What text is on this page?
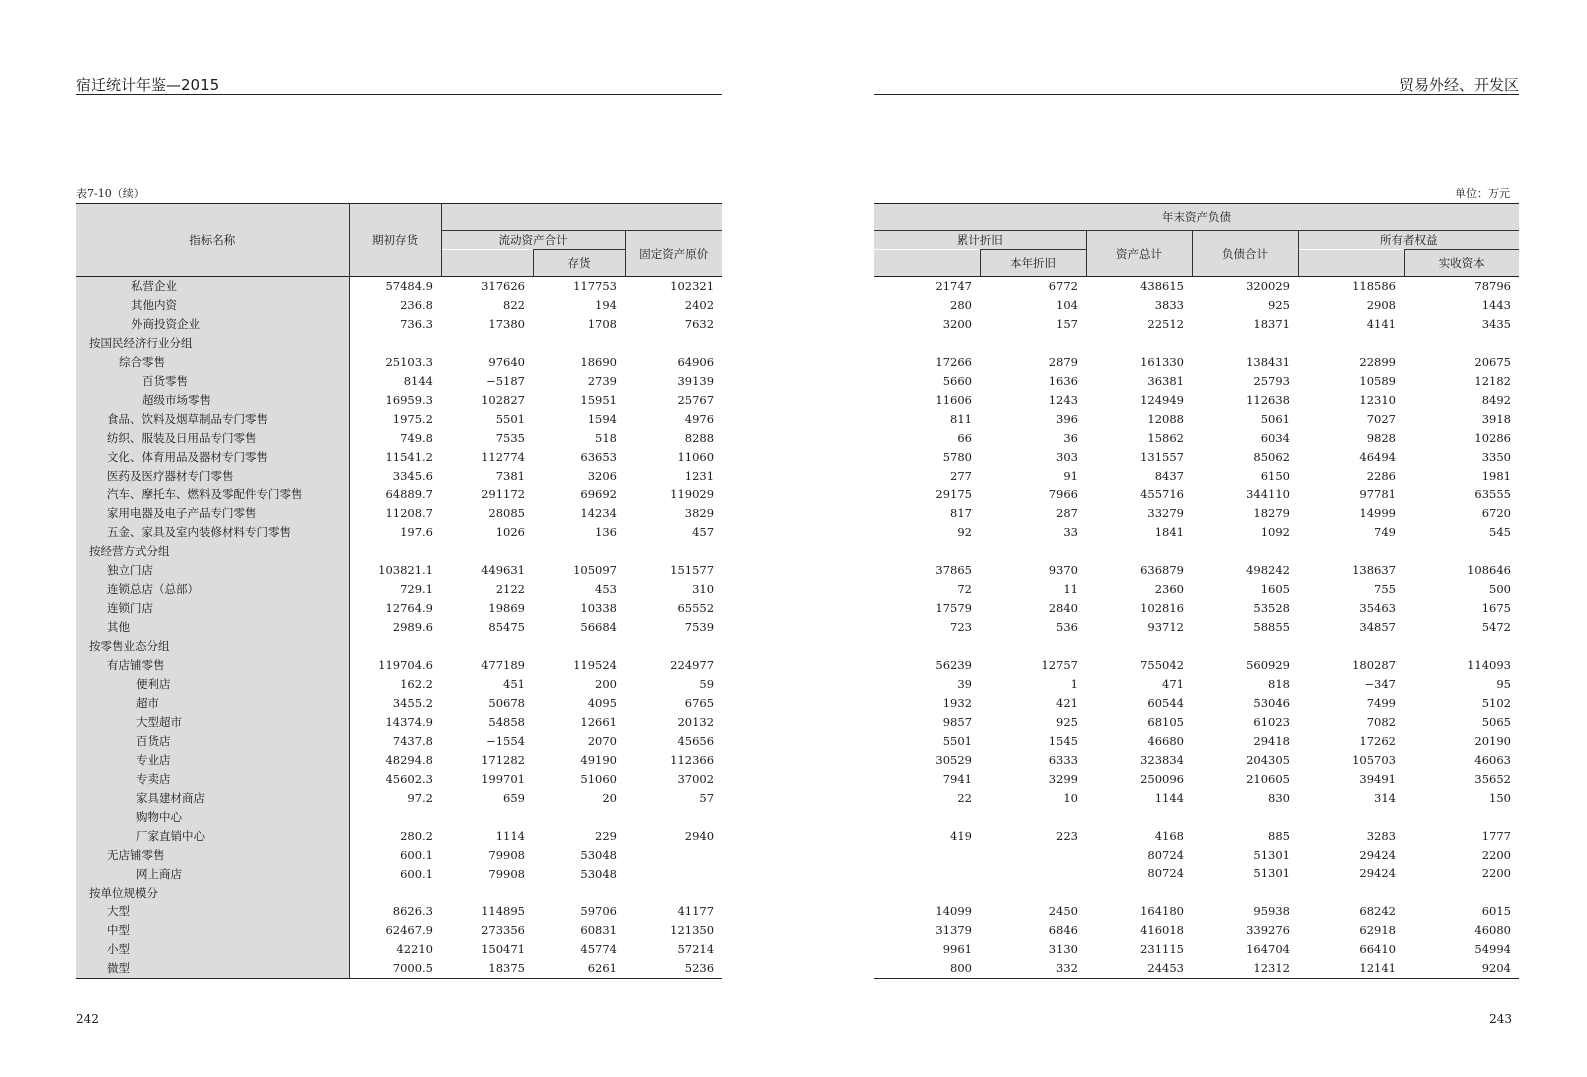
宿迁统计年鉴—2015	贸易外经、开发区
表7-10（续）	单位：万元
指标名称	期初存货			
		流动资产合计		固定资产原价
			存货	
私营企业	57484.9	317626	117753	102321
其他内资	236.8	822	194	2402
外商投资企业	736.3	17380	1708	7632
按国民经济行业分组				
综合零售	25103.3	97640	18690	64906
百货零售	8144	−5187	2739	39139
超级市场零售	16959.3	102827	15951	25767
食品、饮料及烟草制品专门零售	1975.2	5501	1594	4976
纺织、服装及日用品专门零售	749.8	7535	518	8288
文化、体育用品及器材专门零售	11541.2	112774	63653	11060
医药及医疗器材专门零售	3345.6	7381	3206	1231
汽车、摩托车、燃料及零配件专门零售	64889.7	291172	69692	119029
家用电器及电子产品专门零售	11208.7	28085	14234	3829
五金、家具及室内装修材料专门零售	197.6	1026	136	457
按经营方式分组				
独立门店	103821.1	449631	105097	151577
连锁总店（总部）	729.1	2122	453	310
连锁门店	12764.9	19869	10338	65552
其他	2989.6	85475	56684	7539
按零售业态分组				
有店铺零售	119704.6	477189	119524	224977
便利店	162.2	451	200	59
超市	3455.2	50678	4095	6765
大型超市	14374.9	54858	12661	20132
百货店	7437.8	−1554	2070	45656
专业店	48294.8	171282	49190	112366
专卖店	45602.3	199701	51060	37002
家具建材商店	97.2	659	20	57
购物中心				
厂家直销中心	280.2	1114	229	2940
无店铺零售	600.1	79908	53048	
网上商店	600.1	79908	53048	
按单位规模分				
大型	8626.3	114895	59706	41177
中型	62467.9	273356	60831	121350
小型	42210	150471	45774	57214
微型	7000.5	18375	6261	5236
年末资产负债					
累计折旧		资产总计	负债合计	所有者权益	
	本年折旧				实收资本
21747	6772	438615	320029	118586	78796
280	104	3833	925	2908	1443
3200	157	22512	18371	4141	3435

17266	2879	161330	138431	22899	20675
5660	1636	36381	25793	10589	12182
11606	1243	124949	112638	12310	8492
811	396	12088	5061	7027	3918
66	36	15862	6034	9828	10286
5780	303	131557	85062	46494	3350
277	91	8437	6150	2286	1981
29175	7966	455716	344110	97781	63555
817	287	33279	18279	14999	6720
92	33	1841	1092	749	545

37865	9370	636879	498242	138637	108646
72	11	2360	1605	755	500
17579	2840	102816	53528	35463	1675
723	536	93712	58855	34857	5472

56239	12757	755042	560929	180287	114093
39	1	471	818	−347	95
1932	421	60544	53046	7499	5102
9857	925	68105	61023	7082	5065
5501	1545	46680	29418	17262	20190
30529	6333	323834	204305	105703	46063
7941	3299	250096	210605	39491	35652
22	10	1144	830	314	150

419	223	4168	885	3283	1777
		80724	51301	29424	2200
		80724	51301	29424	2200

14099	2450	164180	95938	68242	6015
31379	6846	416018	339276	62918	46080
9961	3130	231115	164704	66410	54994
800	332	24453	12312	12141	9204
242	243
